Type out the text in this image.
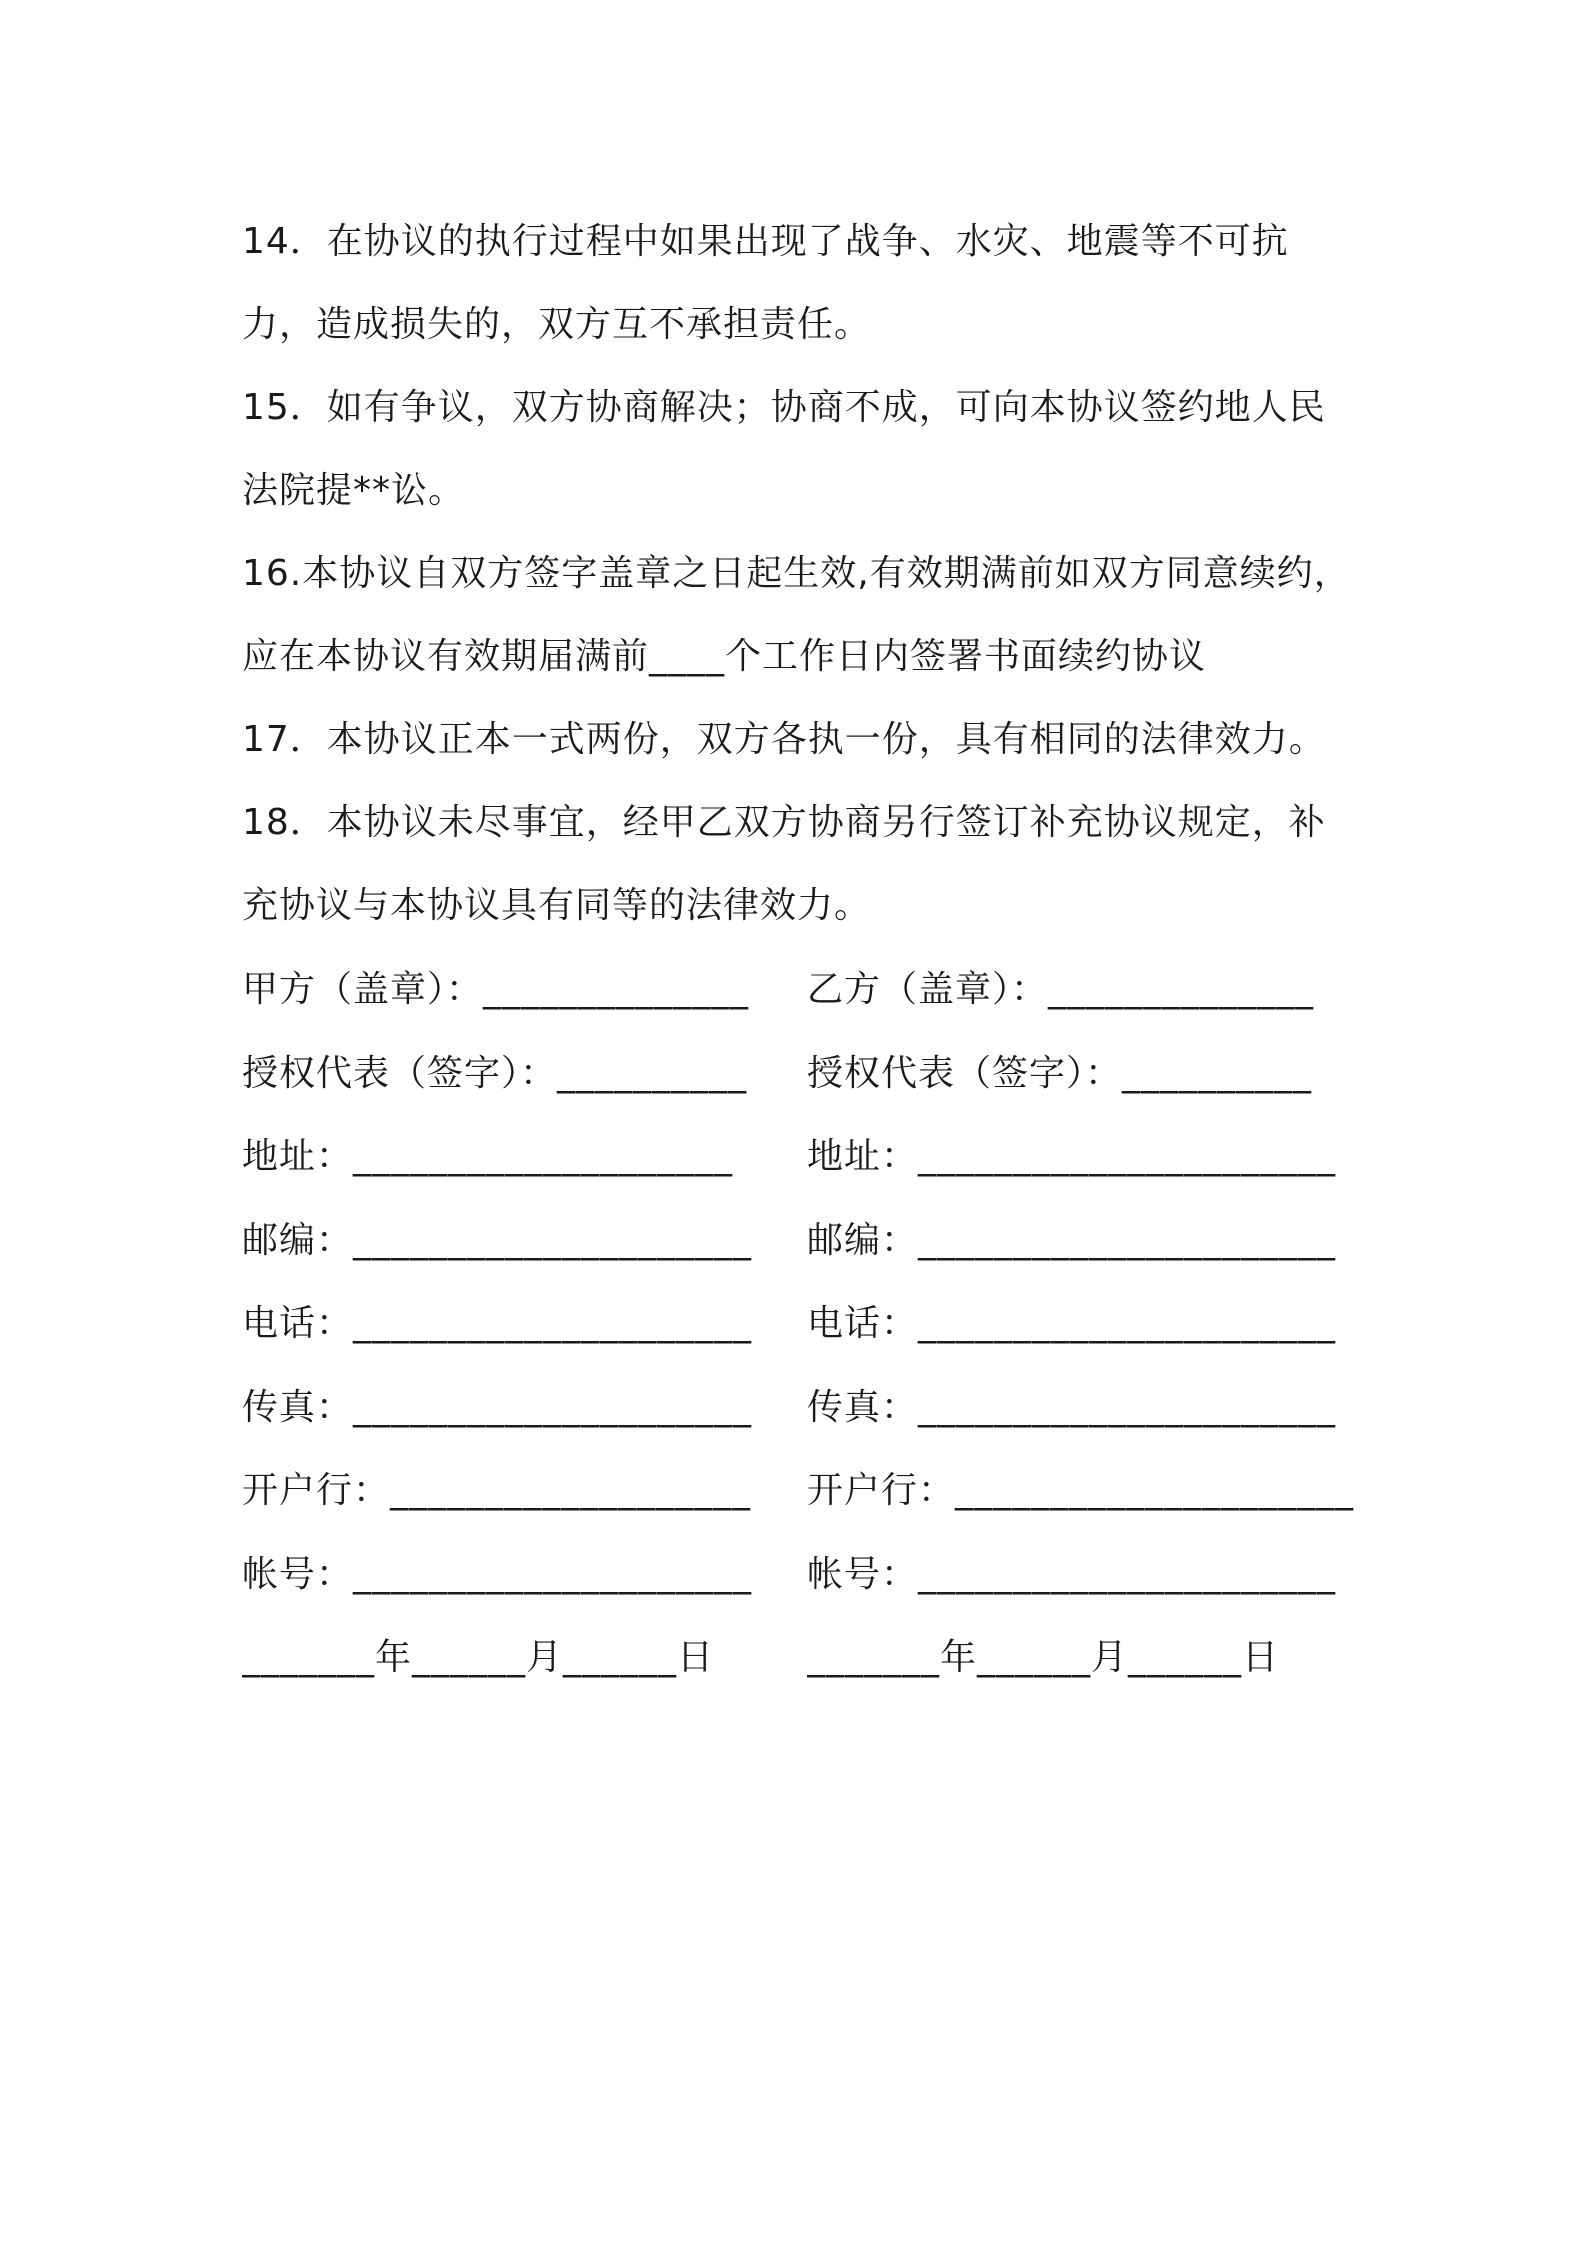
14．在协议的执行过程中如果出现了战争、水灾、地震等不可抗力，造成损失的，双方互不承担责任。

15．如有争议，双方协商解决；协商不成，可向本协议签约地人民法院提**讼。

16.本协议自双方签字盖章之日起生效,有效期满前如双方同意续约，应在本协议有效期届满前____个工作日内签署书面续约协议

17．本协议正本一式两份，双方各执一份，具有相同的法律效力。

18．本协议未尽事宜，经甲乙双方协商另行签订补充协议规定，补充协议与本协议具有同等的法律效力。

甲方（盖章）：______________	乙方（盖章）：______________
授权代表（签字）：__________	授权代表（签字）：__________
地址：____________________	地址：______________________
邮编：_____________________	邮编：______________________
电话：_____________________	电话：______________________
传真：_____________________	传真：______________________
开户行：___________________	开户行：_____________________
帐号：_____________________	帐号：______________________
_______年______月______日	_______年______月______日
